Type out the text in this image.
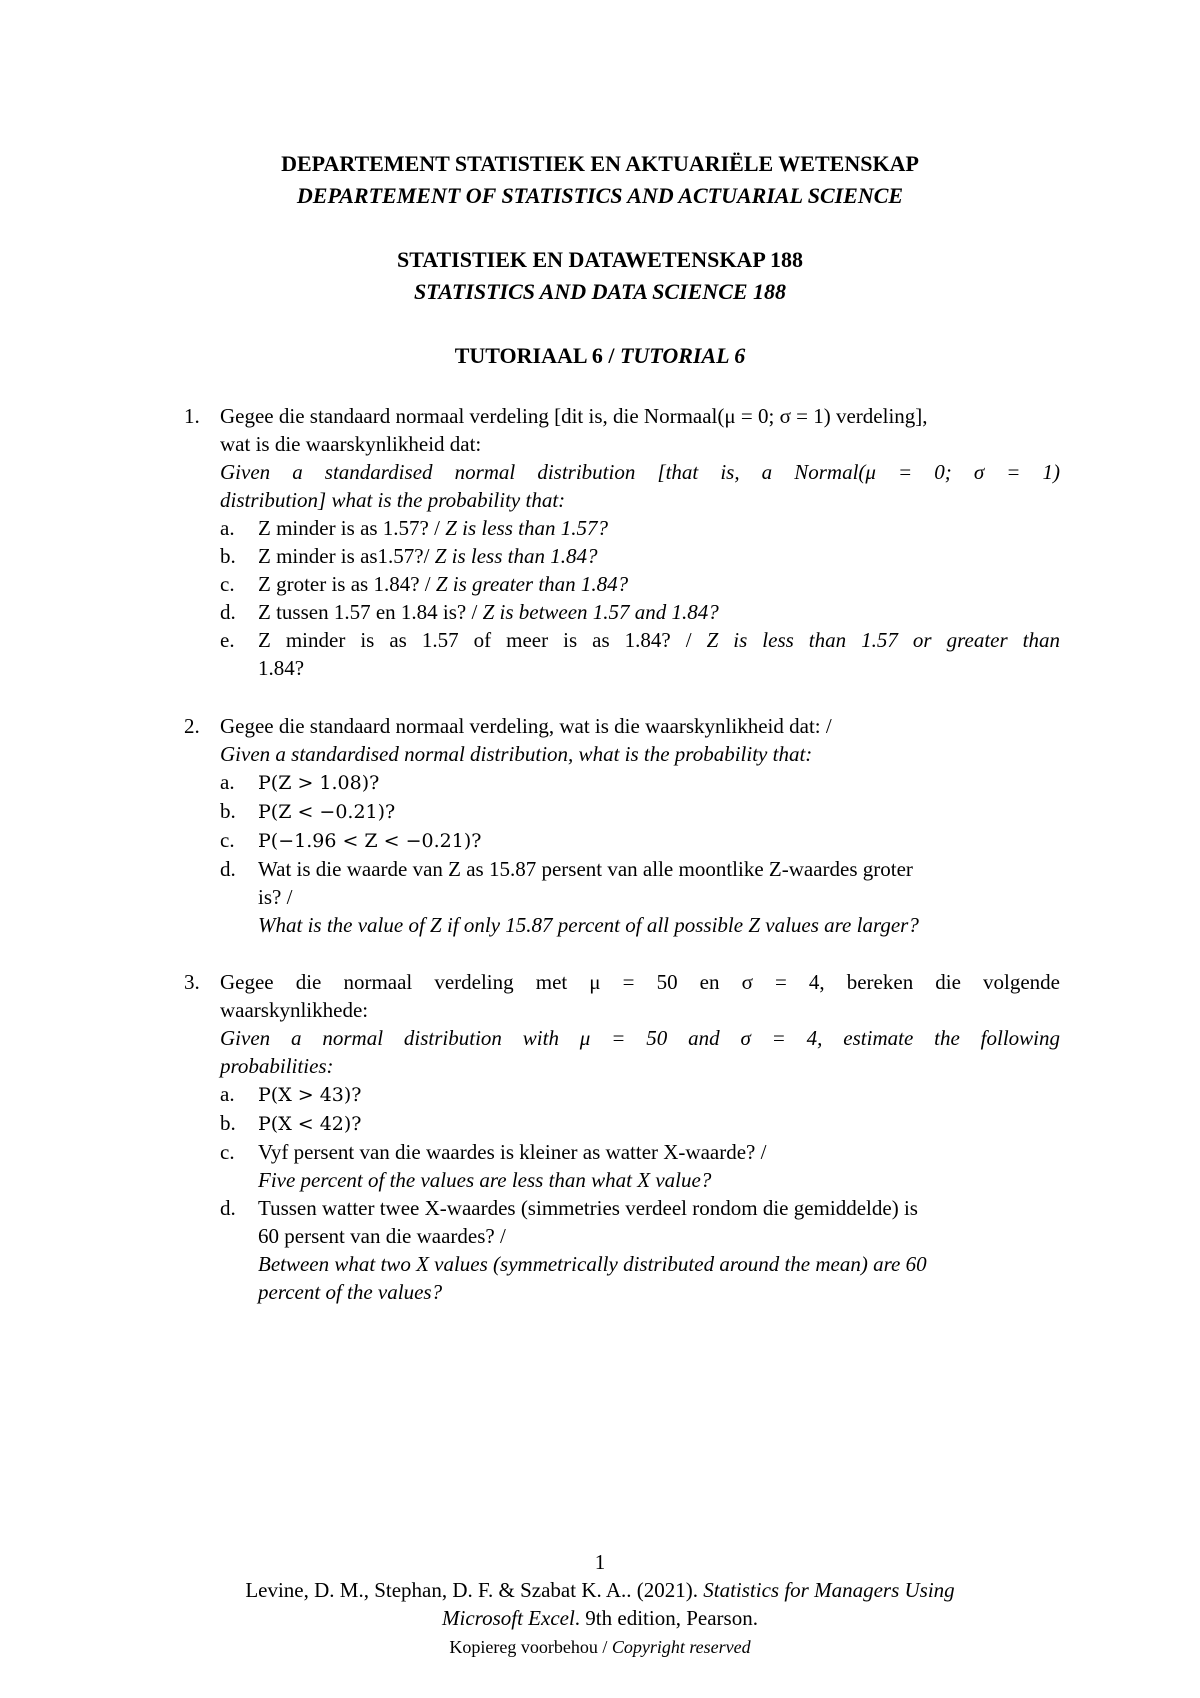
DEPARTEMENT STATISTIEK EN AKTUARIËLE WETENSKAP
DEPARTEMENT OF STATISTICS AND ACTUARIAL SCIENCE
STATISTIEK EN DATAWETENSKAP 188
STATISTICS AND DATA SCIENCE 188
TUTORIAAL 6 / TUTORIAL 6
1. Gegee die standaard normaal verdeling [dit is, die Normaal(μ = 0; σ = 1) verdeling],
wat is die waarskynlikheid dat:
Given a standardised normal distribution [that is, a Normal(μ = 0; σ = 1)
distribution] what is the probability that:
a. Z minder is as 1.57? / Z is less than 1.57?
b. Z minder is as1.57?/ Z is less than 1.84?
c. Z groter is as 1.84? / Z is greater than 1.84?
d. Z tussen 1.57 en 1.84 is? / Z is between 1.57 and 1.84?
e. Z minder is as 1.57 of meer is as 1.84? / Z is less than 1.57 or greater than
1.84?
2. Gegee die standaard normaal verdeling, wat is die waarskynlikheid dat: /
Given a standardised normal distribution, what is the probability that:
a. P(Z > 1.08)?
b. P(Z < −0.21)?
c. P(−1.96 < Z < −0.21)?
d. Wat is die waarde van Z as 15.87 persent van alle moontlike Z-waardes groter
is? /
What is the value of Z if only 15.87 percent of all possible Z values are larger?
3. Gegee die normaal verdeling met μ = 50 en σ = 4, bereken die volgende
waarskynlikhede:
Given a normal distribution with μ = 50 and σ = 4, estimate the following
probabilities:
a. P(X > 43)?
b. P(X < 42)?
c. Vyf persent van die waardes is kleiner as watter X-waarde? /
Five percent of the values are less than what X value?
d. Tussen watter twee X-waardes (simmetries verdeel rondom die gemiddelde) is
60 persent van die waardes? /
Between what two X values (symmetrically distributed around the mean) are 60
percent of the values?
1
Levine, D. M., Stephan, D. F. & Szabat K. A.. (2021). Statistics for Managers Using
Microsoft Excel. 9th edition, Pearson.
Kopiereg voorbehou / Copyright reserved
